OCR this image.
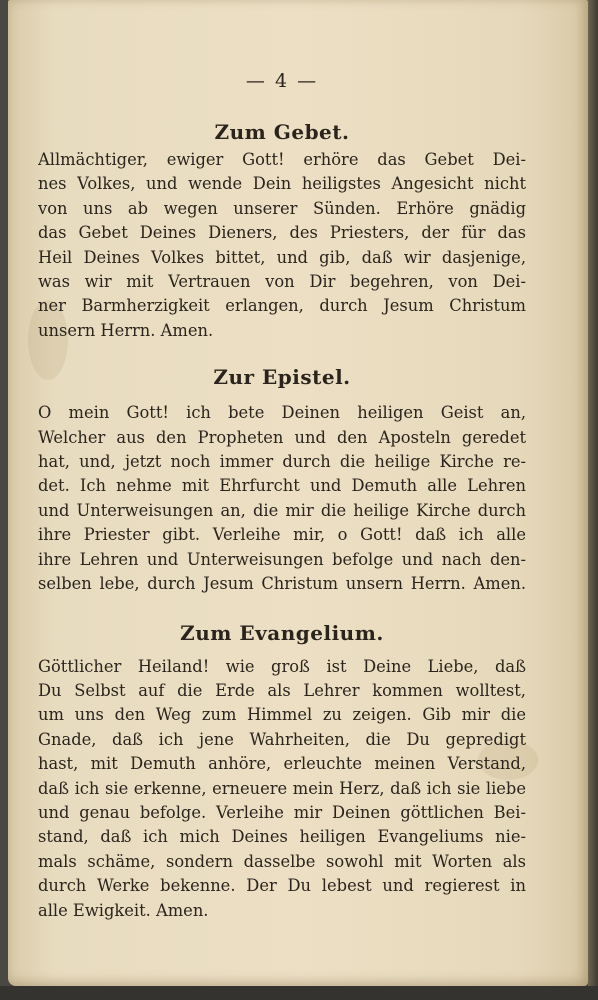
— 4 —
Zum Gebet.

Allmächtiger, ewiger Gott! erhöre das Gebet Dei-
nes Volkes, und wende Dein heiligstes Angesicht nicht
von uns ab wegen unserer Sünden. Erhöre gnädig
das Gebet Deines Dieners, des Priesters, der für das
Heil Deines Volkes bittet, und gib, daß wir dasjenige,
was wir mit Vertrauen von Dir begehren, von Dei-
ner Barmherzigkeit erlangen, durch Jesum Christum
unsern Herrn. Amen.

Zur Epistel.

O mein Gott! ich bete Deinen heiligen Geist an,
Welcher aus den Propheten und den Aposteln geredet
hat, und, jetzt noch immer durch die heilige Kirche re-
det. Ich nehme mit Ehrfurcht und Demuth alle Lehren
und Unterweisungen an, die mir die heilige Kirche durch
ihre Priester gibt. Verleihe mir, o Gott! daß ich alle
ihre Lehren und Unterweisungen befolge und nach den-
selben lebe, durch Jesum Christum unsern Herrn. Amen.

Zum Evangelium.

Göttlicher Heiland! wie groß ist Deine Liebe, daß
Du Selbst auf die Erde als Lehrer kommen wolltest,
um uns den Weg zum Himmel zu zeigen. Gib mir die
Gnade, daß ich jene Wahrheiten, die Du gepredigt
hast, mit Demuth anhöre, erleuchte meinen Verstand,
daß ich sie erkenne, erneuere mein Herz, daß ich sie liebe
und genau befolge. Verleihe mir Deinen göttlichen Bei-
stand, daß ich mich Deines heiligen Evangeliums nie-
mals schäme, sondern dasselbe sowohl mit Worten als
durch Werke bekenne. Der Du lebest und regierest in
alle Ewigkeit. Amen.
